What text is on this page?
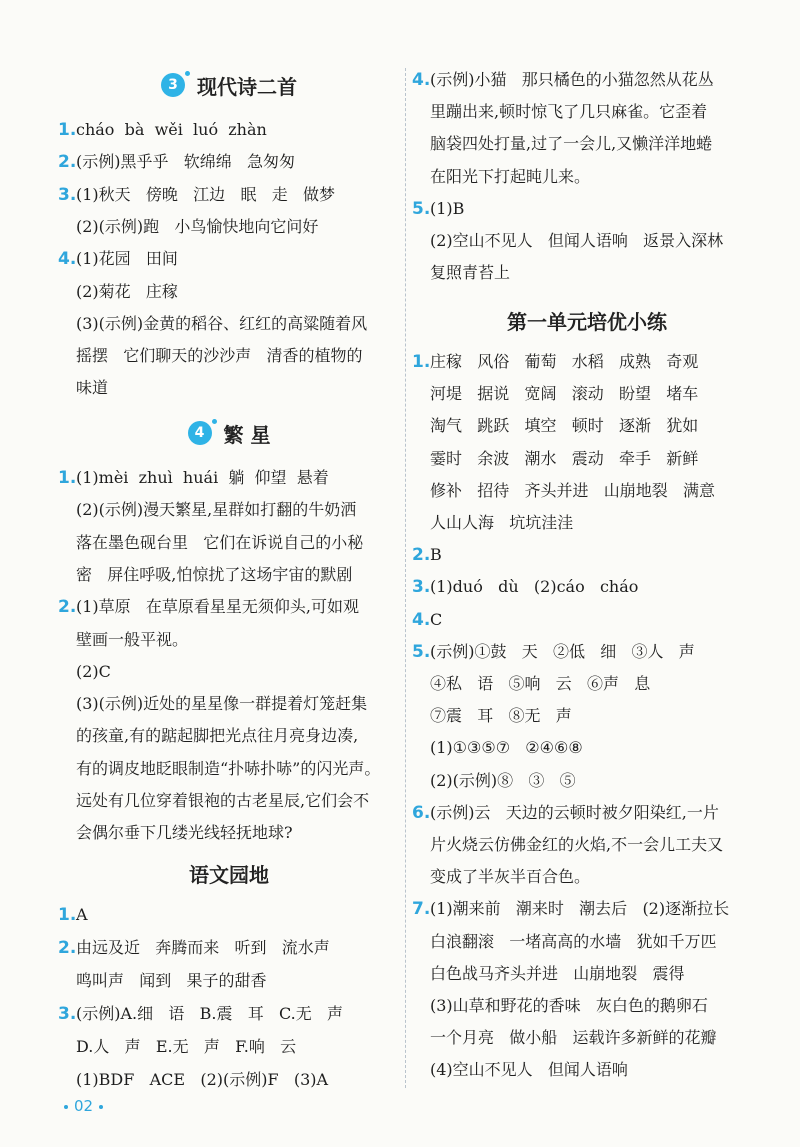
3 现代诗二首
1.cháo  bà  wěi  luó  zhàn
2.(示例)黑乎乎   软绵绵   急匆匆
3.(1)秋天   傍晚   江边   眠   走   做梦
(2)(示例)跑   小鸟愉快地向它问好
4.(1)花园   田间
(2)菊花   庄稼
(3)(示例)金黄的稻谷、红红的高粱随着风
摇摆   它们聊天的沙沙声   清香的植物的
味道
4 繁 星
1.(1)mèi  zhuì  huái  躺  仰望  悬着
(2)(示例)漫天繁星,星群如打翻的牛奶洒
落在墨色砚台里   它们在诉说自己的小秘
密   屏住呼吸,怕惊扰了这场宇宙的默剧
2.(1)草原   在草原看星星无须仰头,可如观
壁画一般平视。
(2)C
(3)(示例)近处的星星像一群提着灯笼赶集
的孩童,有的踮起脚把光点往月亮身边凑,
有的调皮地眨眼制造“扑哧扑哧”的闪光声。
远处有几位穿着银袍的古老星辰,它们会不
会偶尔垂下几缕光线轻抚地球?
语文园地
1.A
2.由远及近   奔腾而来   听到   流水声
鸣叫声   闻到   果子的甜香
3.(示例)A.细   语   B.震   耳   C.无   声
D.人   声   E.无   声   F.响   云
(1)BDF   ACE   (2)(示例)F   (3)A
4.(示例)小猫   那只橘色的小猫忽然从花丛
里蹦出来,顿时惊飞了几只麻雀。它歪着
脑袋四处打量,过了一会儿,又懒洋洋地蜷
在阳光下打起盹儿来。
5.(1)B
(2)空山不见人   但闻人语响   返景入深林
复照青苔上
第一单元培优小练
1.庄稼   风俗   葡萄   水稻   成熟   奇观
河堤   据说   宽阔   滚动   盼望   堵车
淘气   跳跃   填空   顿时   逐渐   犹如
霎时   余波   潮水   震动   牵手   新鲜
修补   招待   齐头并进   山崩地裂   满意
人山人海   坑坑洼洼
2.B
3.(1)duó   dù   (2)cáo   cháo
4.C
5.(示例)①鼓   天   ②低   细   ③人   声
④私   语   ⑤响   云   ⑥声   息
⑦震   耳   ⑧无   声
(1)①③⑤⑦   ②④⑥⑧
(2)(示例)⑧   ③   ⑤
6.(示例)云   天边的云顿时被夕阳染红,一片
片火烧云仿佛金红的火焰,不一会儿工夫又
变成了半灰半百合色。
7.(1)潮来前   潮来时   潮去后   (2)逐渐拉长
白浪翻滚   一堵高高的水墙   犹如千万匹
白色战马齐头并进   山崩地裂   震得
(3)山草和野花的香味   灰白色的鹅卵石
一个月亮   做小船   运载许多新鲜的花瓣
(4)空山不见人   但闻人语响
02
